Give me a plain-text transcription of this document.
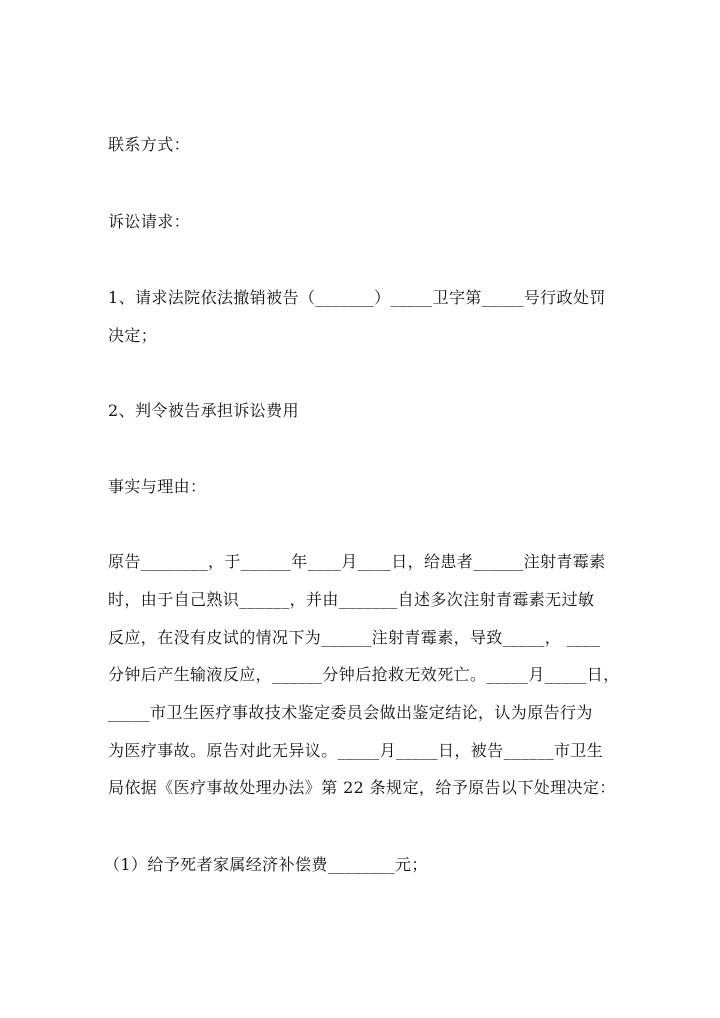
联系方式：
诉讼请求：
1、请求法院依法撤销被告（_______）_____卫字第_____号行政处罚
决定；
2、判令被告承担诉讼费用
事实与理由：
原告________，于______年____月____日，给患者______注射青霉素
时，由于自己熟识______，并由_______自述多次注射青霉素无过敏
反应，在没有皮试的情况下为______注射青霉素，导致_____， ____
分钟后产生输液反应，______分钟后抢救无效死亡。_____月_____日，
_____市卫生医疗事故技术鉴定委员会做出鉴定结论，认为原告行为
为医疗事故。原告对此无异议。_____月_____日，被告______市卫生
局依据《医疗事故处理办法》第 22 条规定，给予原告以下处理决定：
（1）给予死者家属经济补偿费________元；
